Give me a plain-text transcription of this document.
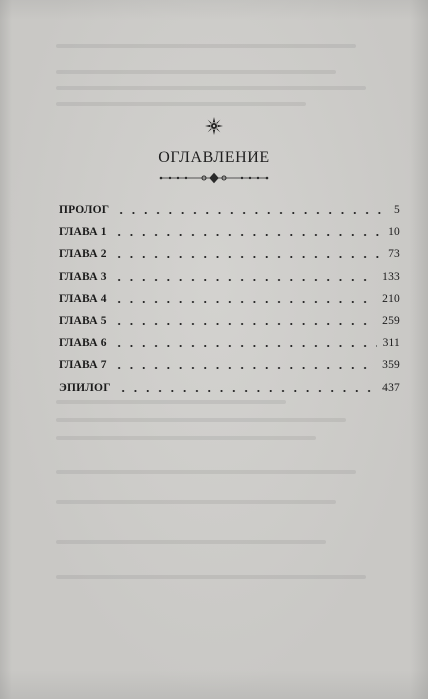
ОГЛАВЛЕНИЕ
ПРОЛОГ	5
ГЛАВА 1	10
ГЛАВА 2	73
ГЛАВА 3	133
ГЛАВА 4	210
ГЛАВА 5	259
ГЛАВА 6	311
ГЛАВА 7	359
ЭПИЛОГ	437
